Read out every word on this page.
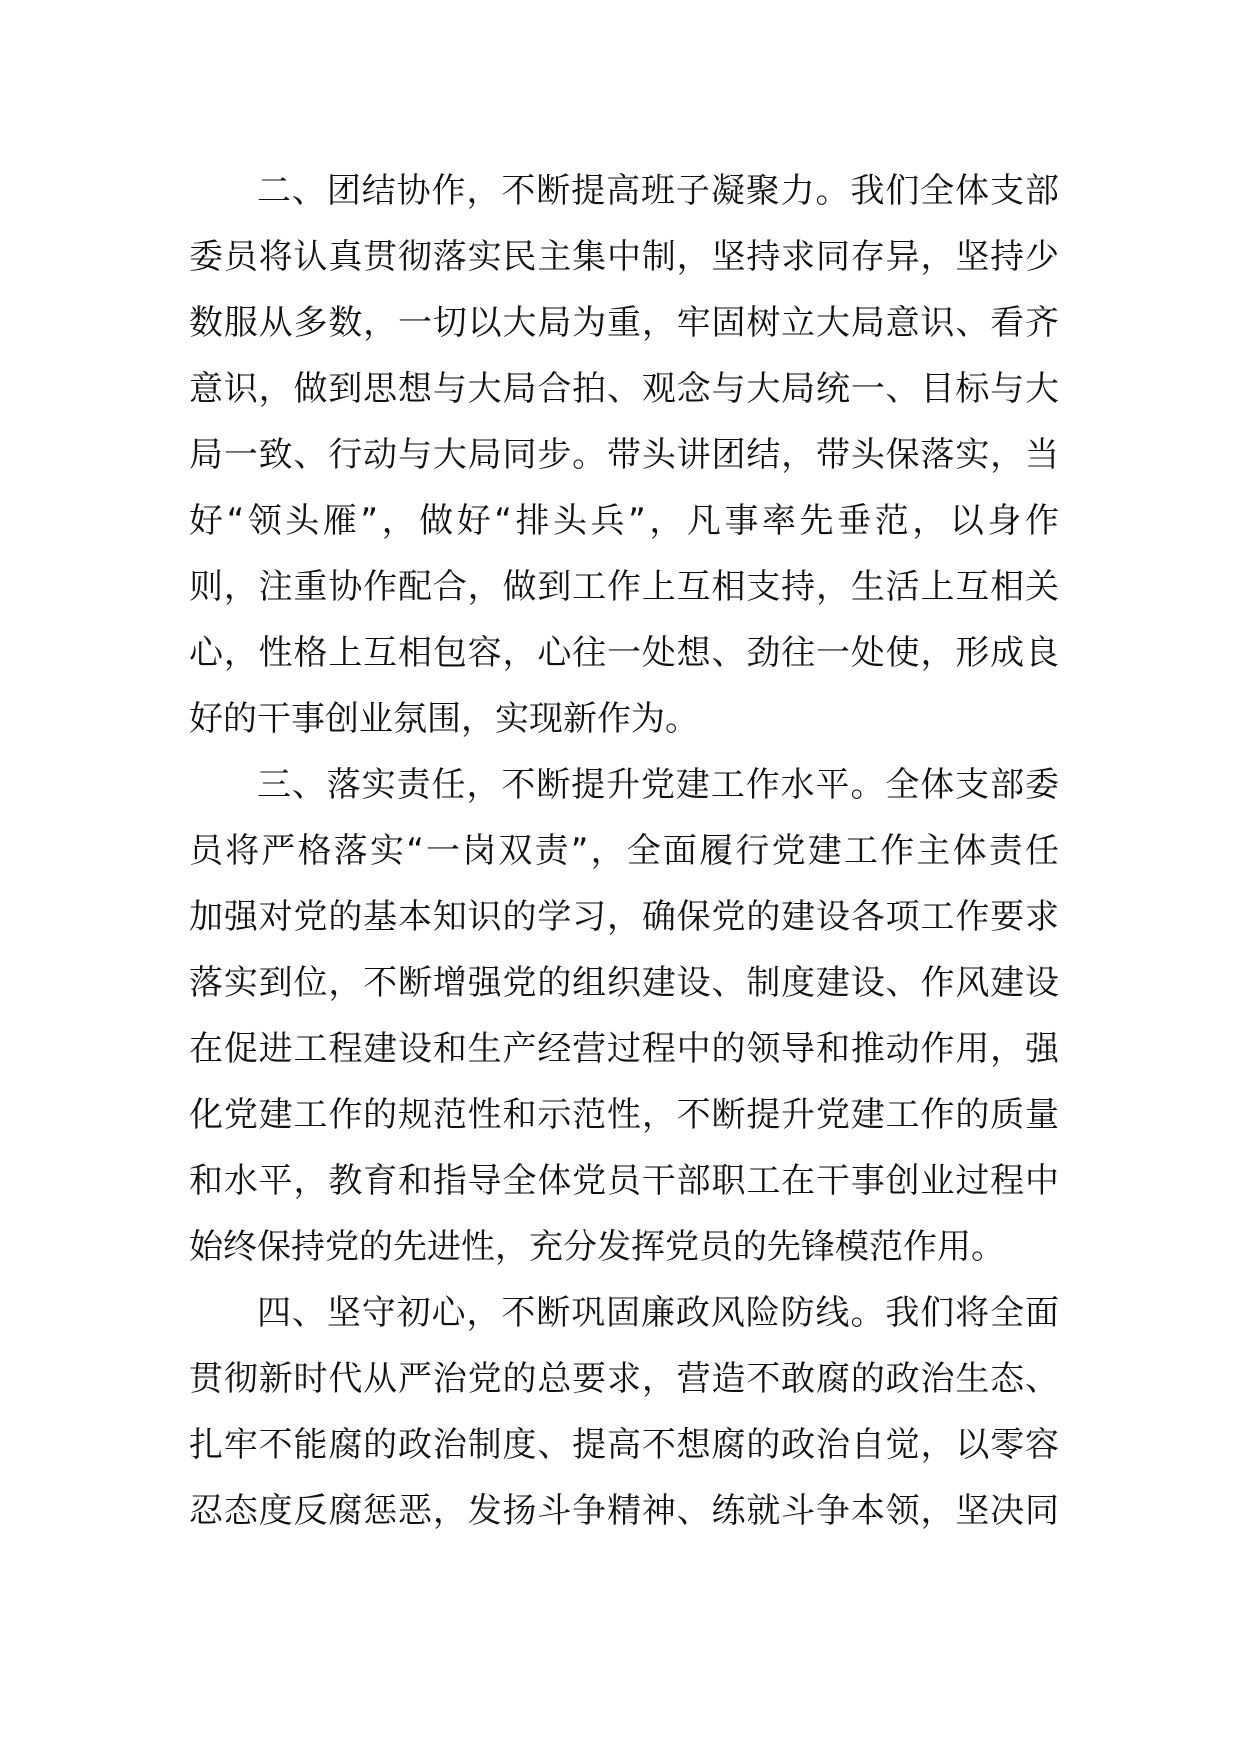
二、团结协作，不断提高班子凝聚力。我们全体支部
委员将认真贯彻落实民主集中制，坚持求同存异，坚持少
数服从多数，一切以大局为重，牢固树立大局意识、看齐
意识，做到思想与大局合拍、观念与大局统一、目标与大
局一致、行动与大局同步。带头讲团结，带头保落实，当
好“领头雁”，做好“排头兵”，凡事率先垂范，以身作
则，注重协作配合，做到工作上互相支持，生活上互相关
心，性格上互相包容，心往一处想、劲往一处使，形成良
好的干事创业氛围，实现新作为。
三、落实责任，不断提升党建工作水平。全体支部委
员将严格落实“一岗双责”，全面履行党建工作主体责任
加强对党的基本知识的学习，确保党的建设各项工作要求
落实到位，不断增强党的组织建设、制度建设、作风建设
在促进工程建设和生产经营过程中的领导和推动作用，强
化党建工作的规范性和示范性，不断提升党建工作的质量
和水平，教育和指导全体党员干部职工在干事创业过程中
始终保持党的先进性，充分发挥党员的先锋模范作用。
四、坚守初心，不断巩固廉政风险防线。我们将全面
贯彻新时代从严治党的总要求，营造不敢腐的政治生态、
扎牢不能腐的政治制度、提高不想腐的政治自觉，以零容
忍态度反腐惩恶，发扬斗争精神、练就斗争本领，坚决同
